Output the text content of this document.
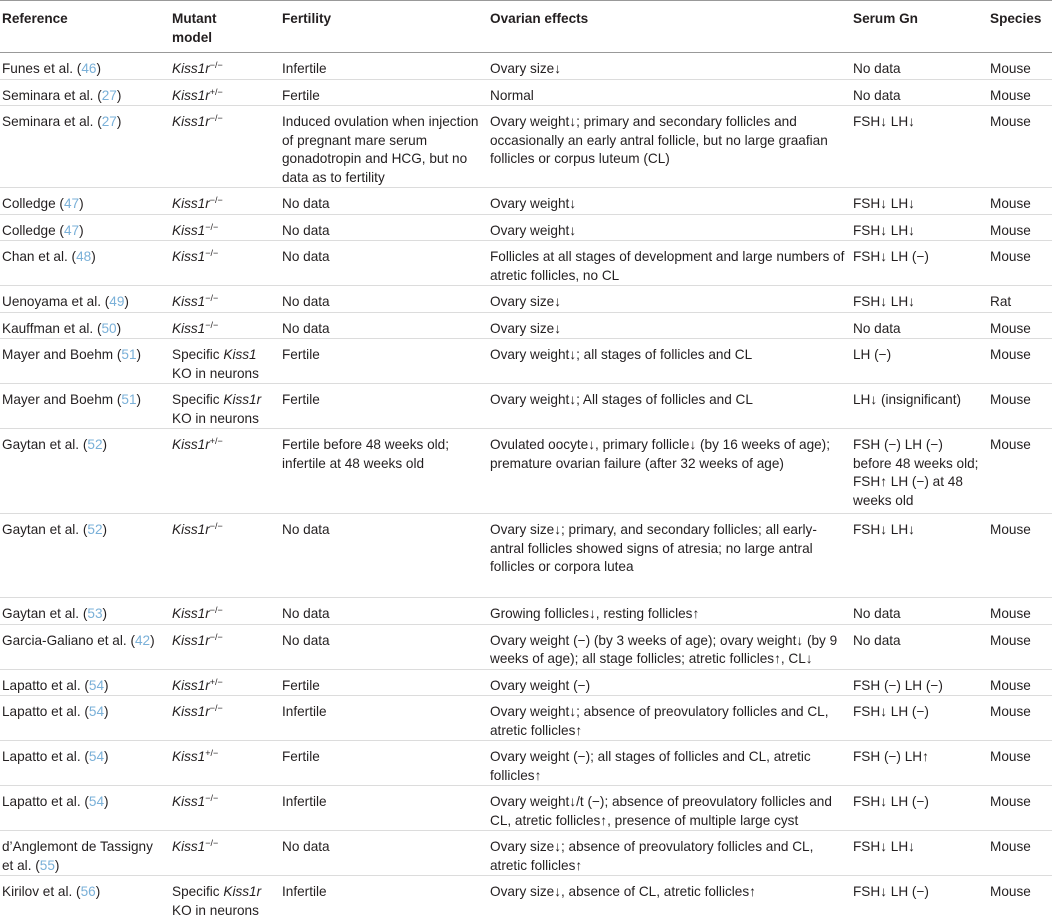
Reference	Mutant model	Fertility	Ovarian effects	Serum Gn	Species
Funes et al. (46)	Kiss1r−/−	Infertile	Ovary size↓	No data	Mouse
Seminara et al. (27)	Kiss1r+/−	Fertile	Normal	No data	Mouse
Seminara et al. (27)	Kiss1r−/−	Induced ovulation when injection of pregnant mare serum gonadotropin and HCG, but no data as to fertility	Ovary weight↓; primary and secondary follicles and occasionally an early antral follicle, but no large graafian follicles or corpus luteum (CL)	FSH↓ LH↓	Mouse
Colledge (47)	Kiss1r−/−	No data	Ovary weight↓	FSH↓ LH↓	Mouse
Colledge (47)	Kiss1−/−	No data	Ovary weight↓	FSH↓ LH↓	Mouse
Chan et al. (48)	Kiss1−/−	No data	Follicles at all stages of development and large numbers of atretic follicles, no CL	FSH↓ LH (−)	Mouse
Uenoyama et al. (49)	Kiss1−/−	No data	Ovary size↓	FSH↓ LH↓	Rat
Kauffman et al. (50)	Kiss1−/−	No data	Ovary size↓	No data	Mouse
Mayer and Boehm (51)	Specific Kiss1 KO in neurons	Fertile	Ovary weight↓; all stages of follicles and CL	LH (−)	Mouse
Mayer and Boehm (51)	Specific Kiss1r KO in neurons	Fertile	Ovary weight↓; All stages of follicles and CL	LH↓ (insignificant)	Mouse
Gaytan et al. (52)	Kiss1r+/−	Fertile before 48 weeks old; infertile at 48 weeks old	Ovulated oocyte↓, primary follicle↓ (by 16 weeks of age); premature ovarian failure (after 32 weeks of age)	FSH (−) LH (−) before 48 weeks old; FSH↑ LH (−) at 48 weeks old	Mouse
Gaytan et al. (52)	Kiss1r−/−	No data	Ovary size↓; primary, and secondary follicles; all early-antral follicles showed signs of atresia; no large antral follicles or corpora lutea	FSH↓ LH↓	Mouse
Gaytan et al. (53)	Kiss1r−/−	No data	Growing follicles↓, resting follicles↑	No data	Mouse
Garcia-Galiano et al. (42)	Kiss1r−/−	No data	Ovary weight (−) (by 3 weeks of age); ovary weight↓ (by 9 weeks of age); all stage follicles; atretic follicles↑, CL↓	No data	Mouse
Lapatto et al. (54)	Kiss1r+/−	Fertile	Ovary weight (−)	FSH (−) LH (−)	Mouse
Lapatto et al. (54)	Kiss1r−/−	Infertile	Ovary weight↓; absence of preovulatory follicles and CL, atretic follicles↑	FSH↓ LH (−)	Mouse
Lapatto et al. (54)	Kiss1+/−	Fertile	Ovary weight (−); all stages of follicles and CL, atretic follicles↑	FSH (−) LH↑	Mouse
Lapatto et al. (54)	Kiss1−/−	Infertile	Ovary weight↓/t (−); absence of preovulatory follicles and CL, atretic follicles↑, presence of multiple large cyst	FSH↓ LH (−)	Mouse
d’Anglemont de Tassigny et al. (55)	Kiss1−/−	No data	Ovary size↓; absence of preovulatory follicles and CL, atretic follicles↑	FSH↓ LH↓	Mouse
Kirilov et al. (56)	Specific Kiss1r KO in neurons	Infertile	Ovary size↓, absence of CL, atretic follicles↑	FSH↓ LH (−)	Mouse
